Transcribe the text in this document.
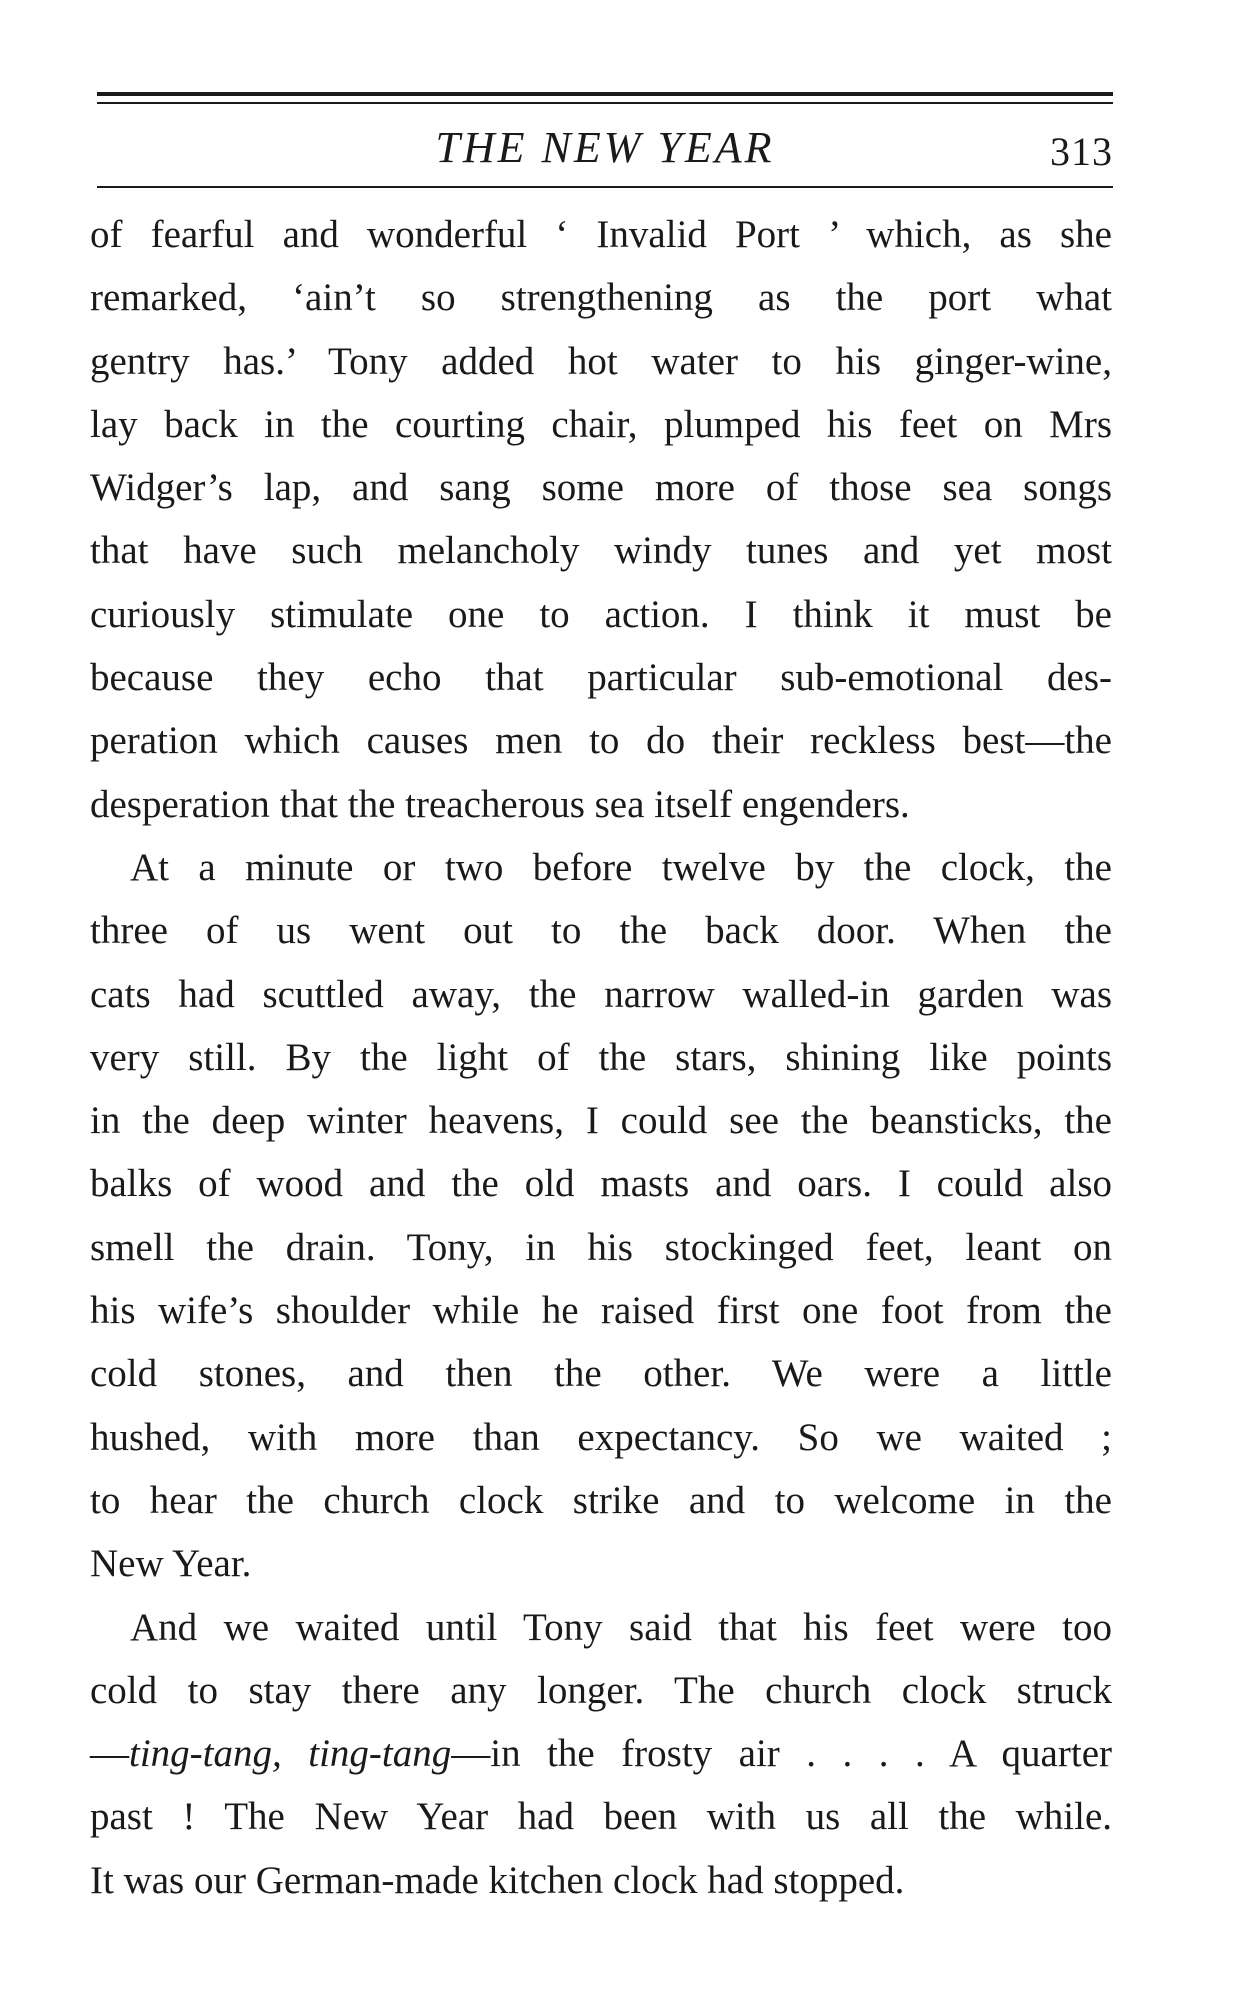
THE NEW YEAR	313

of fearful and wonderful ‘ Invalid Port ’ which, as she
remarked, ‘ain’t so strengthening as the port what
gentry has.’ Tony added hot water to his ginger-wine,
lay back in the courting chair, plumped his feet on Mrs
Widger’s lap, and sang some more of those sea songs
that have such melancholy windy tunes and yet most
curiously stimulate one to action. I think it must be
because they echo that particular sub-emotional des-
peration which causes men to do their reckless best—the
desperation that the treacherous sea itself engenders.

At a minute or two before twelve by the clock, the
three of us went out to the back door. When the
cats had scuttled away, the narrow walled-in garden was
very still. By the light of the stars, shining like points
in the deep winter heavens, I could see the beansticks, the
balks of wood and the old masts and oars. I could also
smell the drain. Tony, in his stockinged feet, leant on
his wife’s shoulder while he raised first one foot from the
cold stones, and then the other. We were a little
hushed, with more than expectancy. So we waited ;
to hear the church clock strike and to welcome in the
New Year.

And we waited until Tony said that his feet were too
cold to stay there any longer. The church clock struck
—ting-tang, ting-tang—in the frosty air . . . . A quarter
past ! The New Year had been with us all the while.
It was our German-made kitchen clock had stopped.
